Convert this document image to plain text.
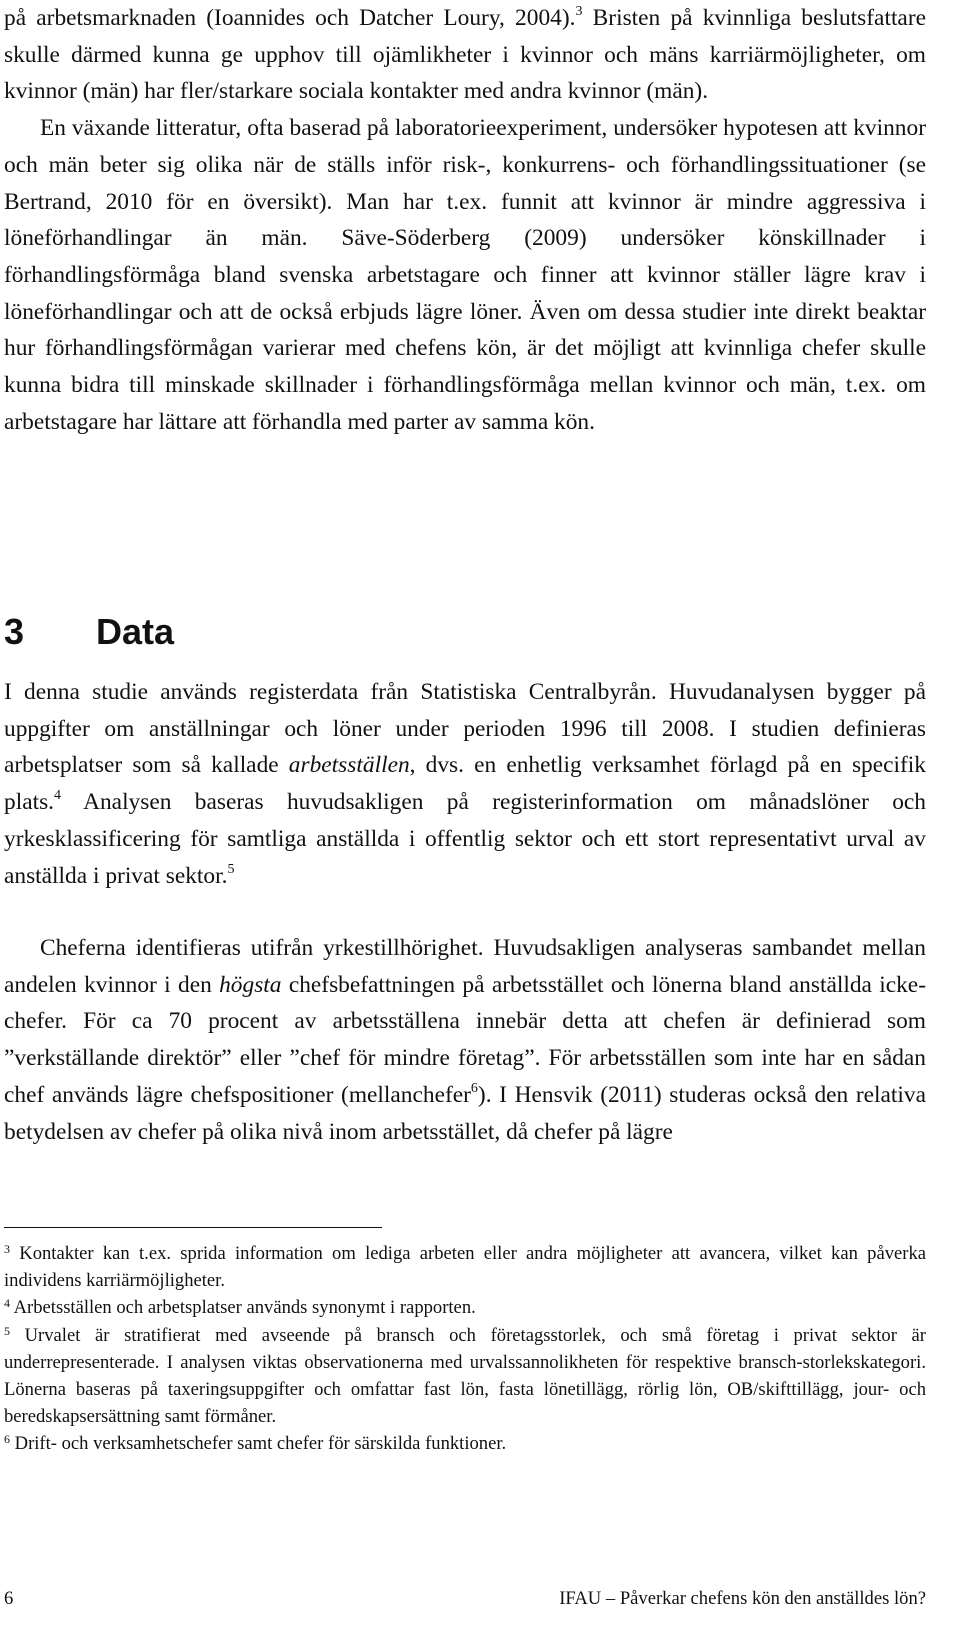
på arbetsmarknaden (Ioannides och Datcher Loury, 2004).$^3$ Bristen på kvinnliga beslutsfattare skulle därmed kunna ge upphov till ojämlikheter i kvinnor och mäns karriärmöjligheter, om kvinnor (män) har fler/starkare sociala kontakter med andra kvinnor (män).
En växande litteratur, ofta baserad på laboratorieexperiment, undersöker hypotesen att kvinnor och män beter sig olika när de ställs inför risk-, konkurrens- och förhandlingssituationer (se Bertrand, 2010 för en översikt). Man har t.ex. funnit att kvinnor är mindre aggressiva i löneförhandlingar än män. Säve-Söderberg (2009) undersöker könskillnader i förhandlingsförmåga bland svenska arbetstagare och finner att kvinnor ställer lägre krav i löneförhandlingar och att de också erbjuds lägre löner. Även om dessa studier inte direkt beaktar hur förhandlingsförmågan varierar med chefens kön, är det möjligt att kvinnliga chefer skulle kunna bidra till minskade skillnader i förhandlingsförmåga mellan kvinnor och män, t.ex. om arbetstagare har lättare att förhandla med parter av samma kön.

3 Data

I denna studie används registerdata från Statistiska Centralbyrån. Huvudanalysen bygger på uppgifter om anställningar och löner under perioden 1996 till 2008. I studien definieras arbetsplatser som så kallade arbetsställen, dvs. en enhetlig verksamhet förlagd på en specifik plats.$^4$ Analysen baseras huvudsakligen på registerinformation om månadslöner och yrkesklassificering för samtliga anställda i offentlig sektor och ett stort representativt urval av anställda i privat sektor.$^5$

Cheferna identifieras utifrån yrkestillhörighet. Huvudsakligen analyseras sambandet mellan andelen kvinnor i den högsta chefsbefattningen på arbetsstället och lönerna bland anställda icke-chefer. För ca 70 procent av arbetsställena innebär detta att chefen är definierad som ”verkställande direktör” eller ”chef för mindre företag”. För arbetsställen som inte har en sådan chef används lägre chefspositioner (mellanchefer$^6$). I Hensvik (2011) studeras också den relativa betydelsen av chefer på olika nivå inom arbetsstället, då chefer på lägre

$^3$ Kontakter kan t.ex. sprida information om lediga arbeten eller andra möjligheter att avancera, vilket kan påverka individens karriärmöjligheter.

$^4$ Arbetsställen och arbetsplatser används synonymt i rapporten.

$^5$ Urvalet är stratifierat med avseende på bransch och företagsstorlek, och små företag i privat sektor är underrepresenterade. I analysen viktas observationerna med urvalssannolikheten för respektive bransch-storlekskategori. Lönerna baseras på taxeringsuppgifter och omfattar fast lön, fasta lönetillägg, rörlig lön, OB/skifttillägg, jour- och beredskapsersättning samt förmåner.

$^6$ Drift- och verksamhetschefer samt chefer för särskilda funktioner.

6	IFAU – Påverkar chefens kön den anställdes lön?
